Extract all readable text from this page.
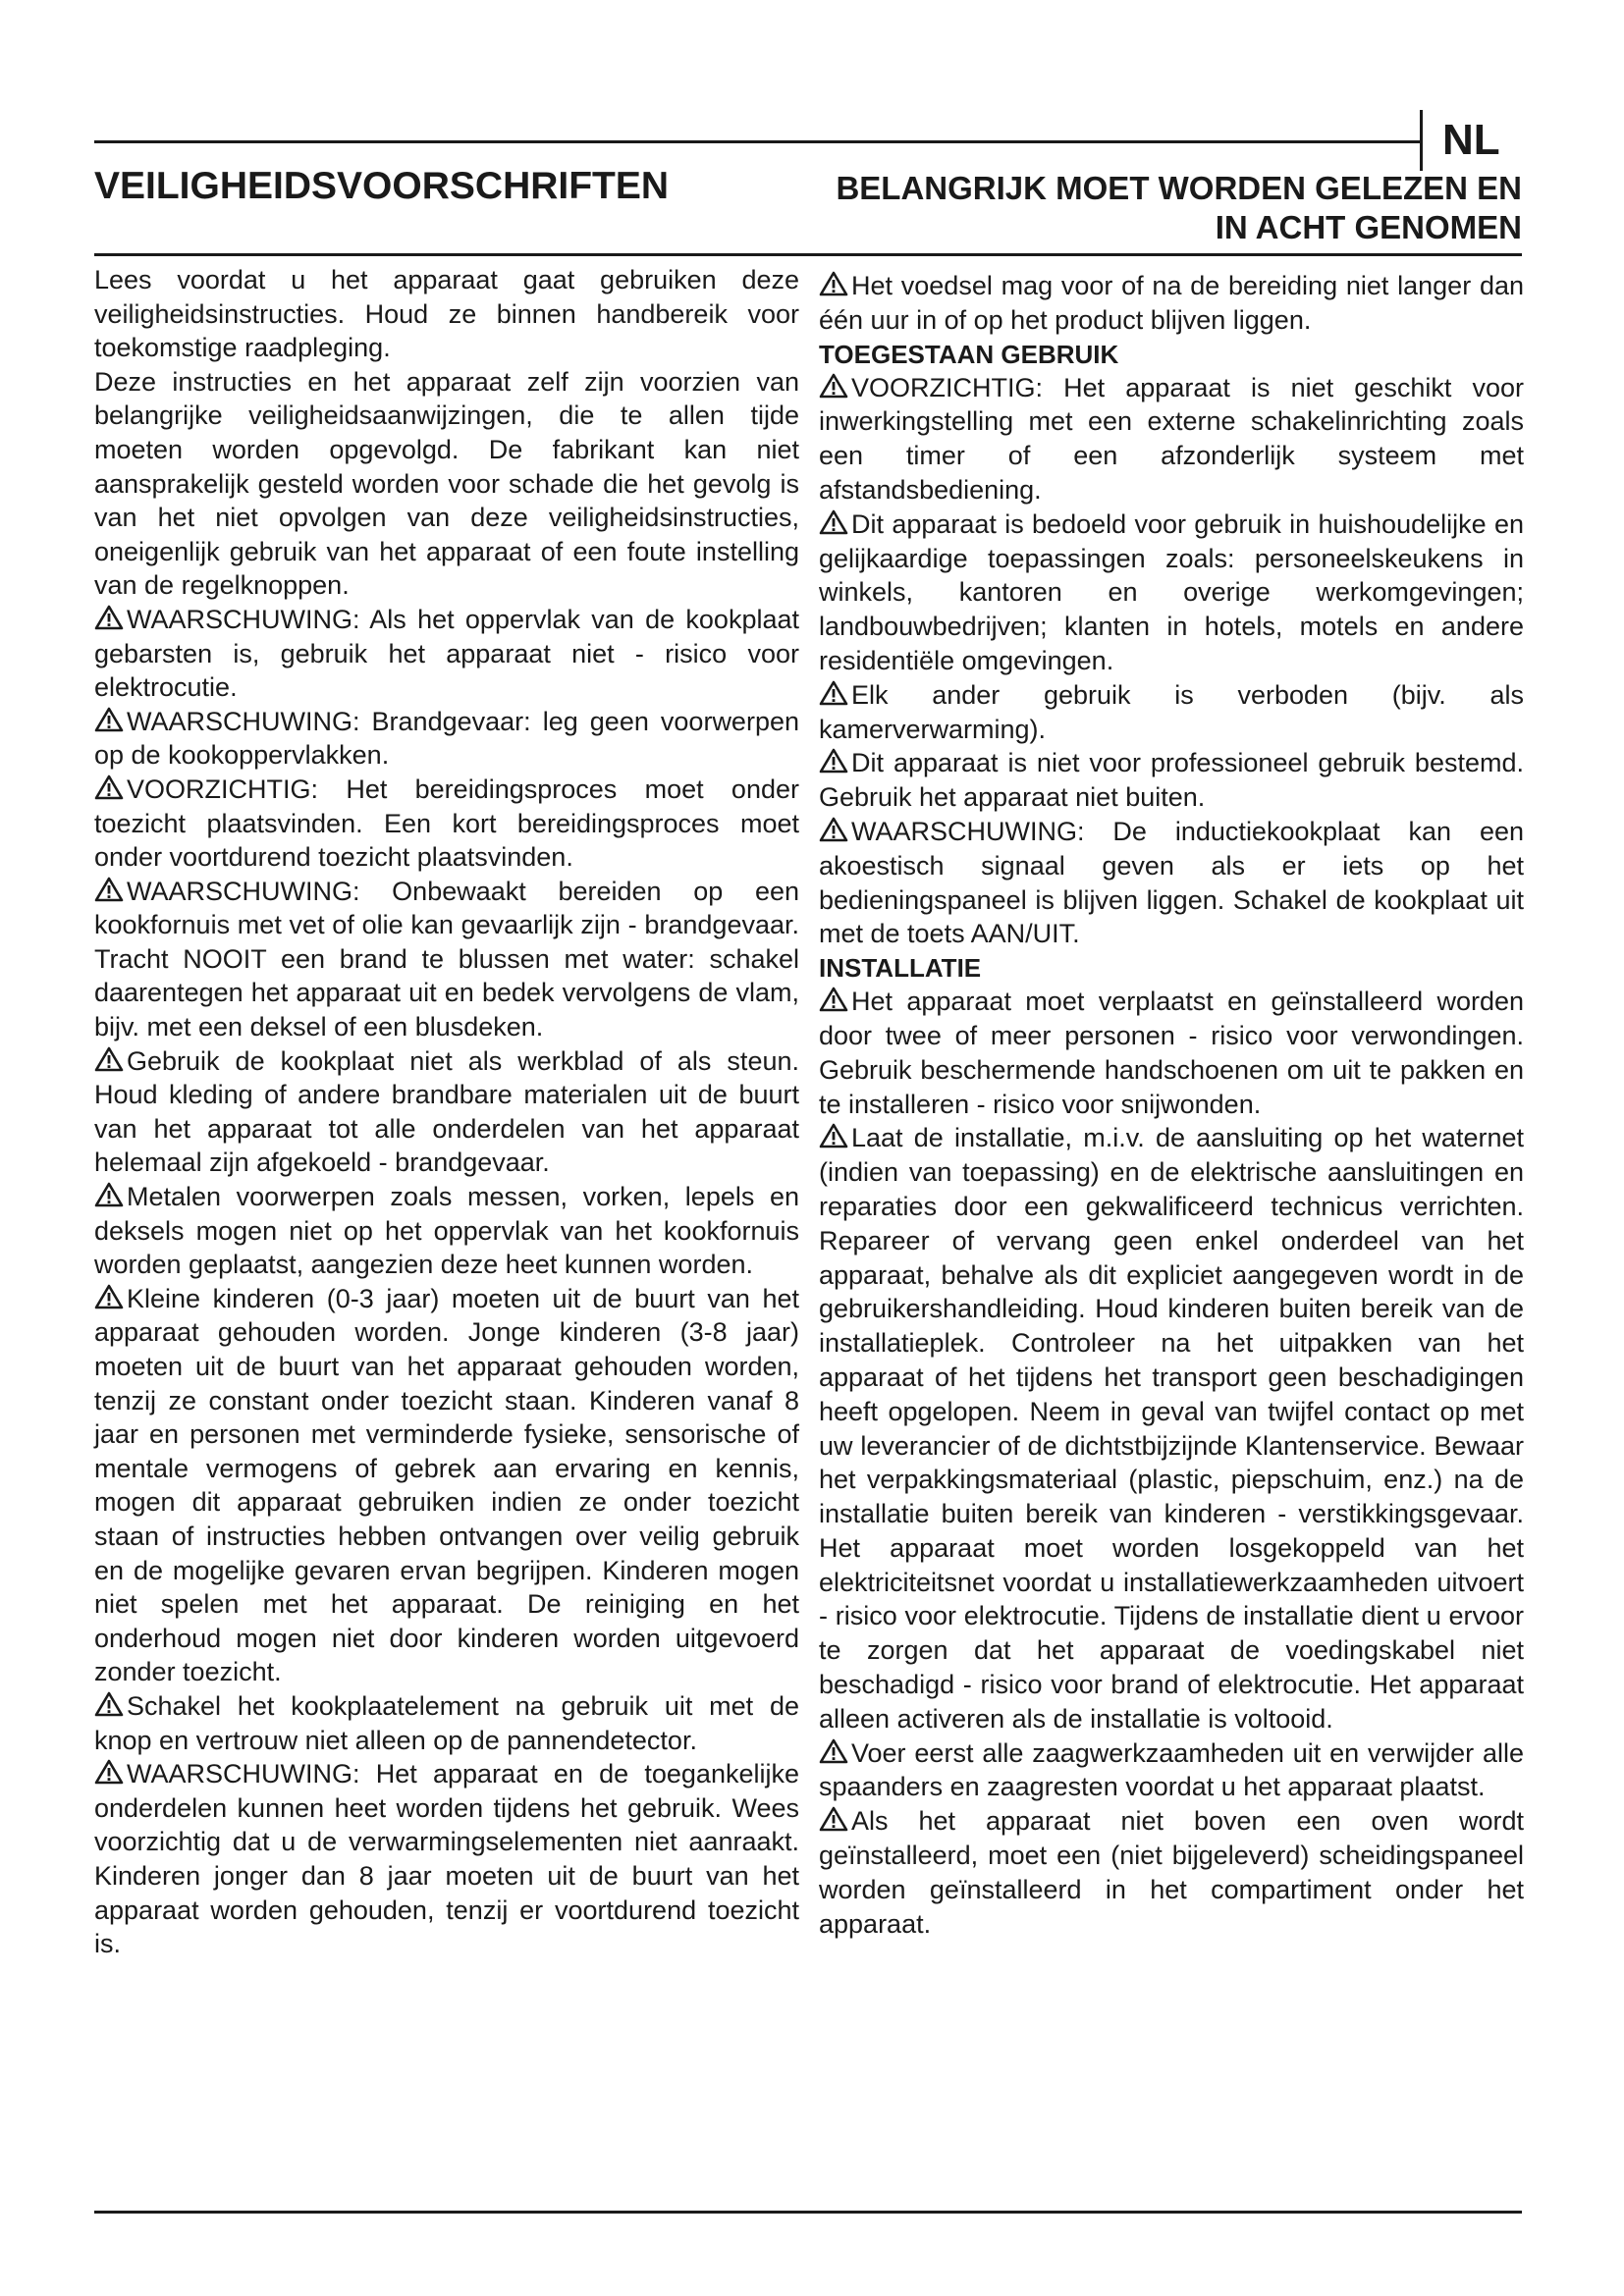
NL
VEILIGHEIDSVOORSCHRIFTEN	BELANGRIJK MOET WORDEN GELEZEN EN
IN ACHT GENOMEN

Lees voordat u het apparaat gaat gebruiken deze veiligheidsinstructies. Houd ze binnen handbereik voor toekomstige raadpleging.

Deze instructies en het apparaat zelf zijn voorzien van belangrijke veiligheidsaanwijzingen, die te allen tijde moeten worden opgevolgd. De fabrikant kan niet aansprakelijk gesteld worden voor schade die het gevolg is van het niet opvolgen van deze veiligheidsinstructies, oneigenlijk gebruik van het apparaat of een foute instelling van de regelknoppen.

WAARSCHUWING: Als het oppervlak van de kookplaat gebarsten is, gebruik het apparaat niet - risico voor elektrocutie.

WAARSCHUWING: Brandgevaar: leg geen voorwerpen op de kookoppervlakken.

VOORZICHTIG: Het bereidingsproces moet onder toezicht plaatsvinden. Een kort bereidingsproces moet onder voortdurend toezicht plaatsvinden.

WAARSCHUWING: Onbewaakt bereiden op een kookfornuis met vet of olie kan gevaarlijk zijn - brandgevaar. Tracht NOOIT een brand te blussen met water: schakel daarentegen het apparaat uit en bedek vervolgens de vlam, bijv. met een deksel of een blusdeken.

Gebruik de kookplaat niet als werkblad of als steun. Houd kleding of andere brandbare materialen uit de buurt van het apparaat tot alle onderdelen van het apparaat helemaal zijn afgekoeld - brandgevaar.

Metalen voorwerpen zoals messen, vorken, lepels en deksels mogen niet op het oppervlak van het kookfornuis worden geplaatst, aangezien deze heet kunnen worden.

Kleine kinderen (0-3 jaar) moeten uit de buurt van het apparaat gehouden worden. Jonge kinderen (3-8 jaar) moeten uit de buurt van het apparaat gehouden worden, tenzij ze constant onder toezicht staan. Kinderen vanaf 8 jaar en personen met verminderde fysieke, sensorische of mentale vermogens of gebrek aan ervaring en kennis, mogen dit apparaat gebruiken indien ze onder toezicht staan of instructies hebben ontvangen over veilig gebruik en de mogelijke gevaren ervan begrijpen. Kinderen mogen niet spelen met het apparaat. De reiniging en het onderhoud mogen niet door kinderen worden uitgevoerd zonder toezicht.

Schakel het kookplaatelement na gebruik uit met de knop en vertrouw niet alleen op de pannendetector.

WAARSCHUWING: Het apparaat en de toegankelijke onderdelen kunnen heet worden tijdens het gebruik. Wees voorzichtig dat u de verwarmingselementen niet aanraakt. Kinderen jonger dan 8 jaar moeten uit de buurt van het apparaat worden gehouden, tenzij er voortdurend toezicht is.

Het voedsel mag voor of na de bereiding niet langer dan één uur in of op het product blijven liggen.

TOEGESTAAN GEBRUIK

VOORZICHTIG: Het apparaat is niet geschikt voor inwerkingstelling met een externe schakelinrichting zoals een timer of een afzonderlijk systeem met afstandsbediening.

Dit apparaat is bedoeld voor gebruik in huishoudelijke en gelijkaardige toepassingen zoals: personeelskeukens in winkels, kantoren en overige werkomgevingen; landbouwbedrijven; klanten in hotels, motels en andere residentiële omgevingen.

Elk ander gebruik is verboden (bijv. als kamerverwarming).

Dit apparaat is niet voor professioneel gebruik bestemd. Gebruik het apparaat niet buiten.

WAARSCHUWING: De inductiekookplaat kan een akoestisch signaal geven als er iets op het bedieningspaneel is blijven liggen. Schakel de kookplaat uit met de toets AAN/UIT.

INSTALLATIE

Het apparaat moet verplaatst en geïnstalleerd worden door twee of meer personen - risico voor verwondingen. Gebruik beschermende handschoenen om uit te pakken en te installeren - risico voor snijwonden.

Laat de installatie, m.i.v. de aansluiting op het waternet (indien van toepassing) en de elektrische aansluitingen en reparaties door een gekwalificeerd technicus verrichten. Repareer of vervang geen enkel onderdeel van het apparaat, behalve als dit expliciet aangegeven wordt in de gebruikershandleiding. Houd kinderen buiten bereik van de installatieplek. Controleer na het uitpakken van het apparaat of het tijdens het transport geen beschadigingen heeft opgelopen. Neem in geval van twijfel contact op met uw leverancier of de dichtstbijzijnde Klantenservice. Bewaar het verpakkingsmateriaal (plastic, piepschuim, enz.) na de installatie buiten bereik van kinderen - verstikkingsgevaar. Het apparaat moet worden losgekoppeld van het elektriciteitsnet voordat u installatiewerkzaamheden uitvoert - risico voor elektrocutie. Tijdens de installatie dient u ervoor te zorgen dat het apparaat de voedingskabel niet beschadigd - risico voor brand of elektrocutie. Het apparaat alleen activeren als de installatie is voltooid.

Voer eerst alle zaagwerkzaamheden uit en verwijder alle spaanders en zaagresten voordat u het apparaat plaatst.

Als het apparaat niet boven een oven wordt geïnstalleerd, moet een (niet bijgeleverd) scheidingspaneel worden geïnstalleerd in het compartiment onder het apparaat.
